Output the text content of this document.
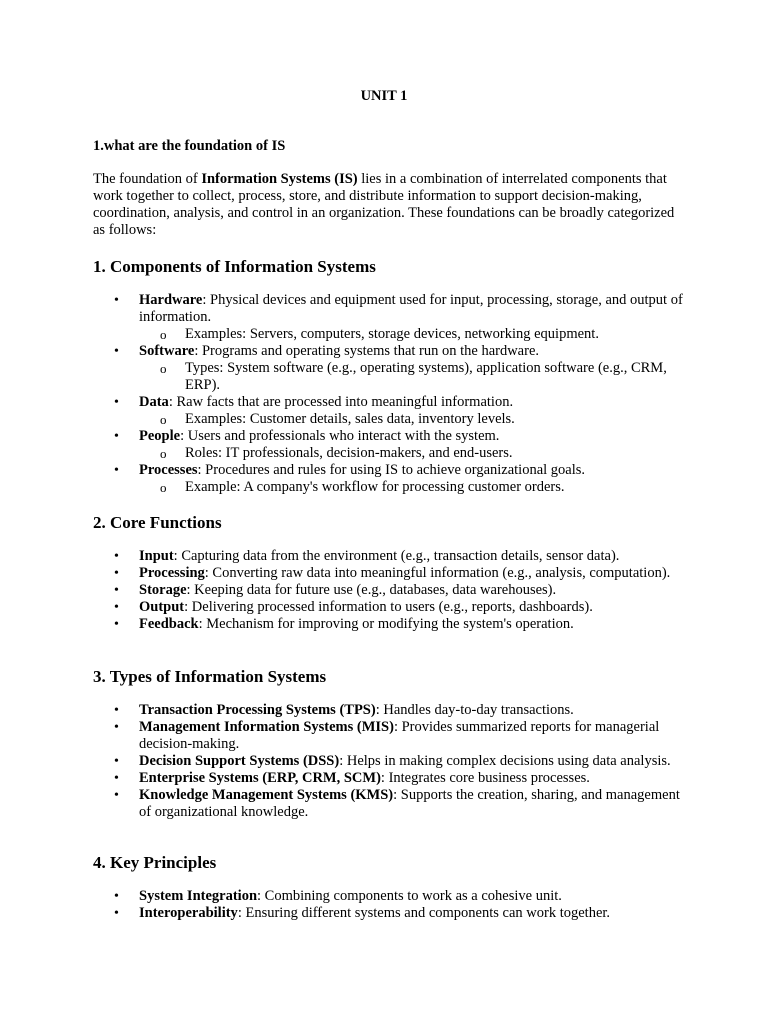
UNIT 1
1.what are the foundation of IS

The foundation of Information Systems (IS) lies in a combination of interrelated components that work together to collect, process, store, and distribute information to support decision-making, coordination, analysis, and control in an organization. These foundations can be broadly categorized as follows:

1. Components of Information Systems
• Hardware: Physical devices and equipment used for input, processing, storage, and output of information.
o Examples: Servers, computers, storage devices, networking equipment.
• Software: Programs and operating systems that run on the hardware.
o Types: System software (e.g., operating systems), application software (e.g., CRM, ERP).
• Data: Raw facts that are processed into meaningful information.
o Examples: Customer details, sales data, inventory levels.
• People: Users and professionals who interact with the system.
o Roles: IT professionals, decision-makers, and end-users.
• Processes: Procedures and rules for using IS to achieve organizational goals.
o Example: A company's workflow for processing customer orders.
2. Core Functions
• Input: Capturing data from the environment (e.g., transaction details, sensor data).
• Processing: Converting raw data into meaningful information (e.g., analysis, computation).
• Storage: Keeping data for future use (e.g., databases, data warehouses).
• Output: Delivering processed information to users (e.g., reports, dashboards).
• Feedback: Mechanism for improving or modifying the system's operation.
3. Types of Information Systems
• Transaction Processing Systems (TPS): Handles day-to-day transactions.
• Management Information Systems (MIS): Provides summarized reports for managerial decision-making.
• Decision Support Systems (DSS): Helps in making complex decisions using data analysis.
• Enterprise Systems (ERP, CRM, SCM): Integrates core business processes.
• Knowledge Management Systems (KMS): Supports the creation, sharing, and management of organizational knowledge.
4. Key Principles
• System Integration: Combining components to work as a cohesive unit.
• Interoperability: Ensuring different systems and components can work together.
